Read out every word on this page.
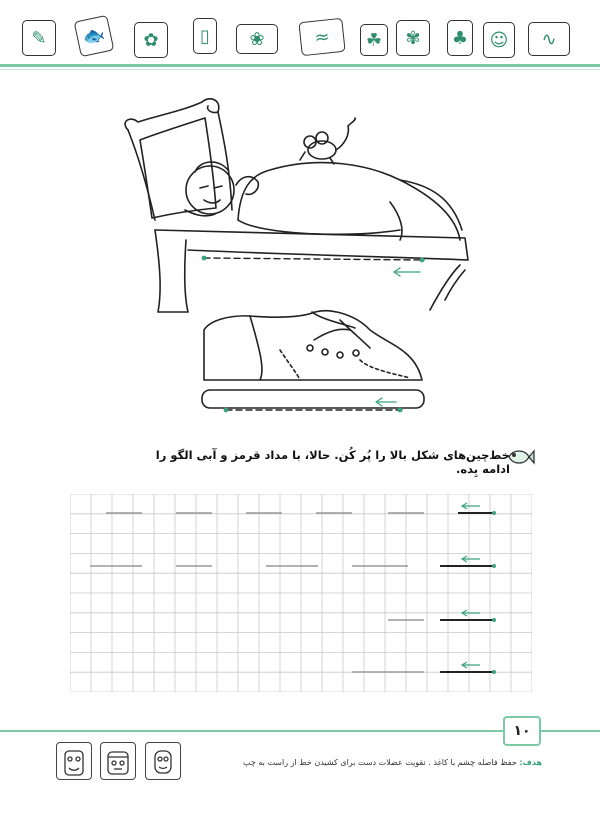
✎	🐟	✿	▯	❀	≈	☘	✾	♣	☺	∿
خط‌چین‌های شکل بالا را پُر کُن. حالا، با مداد قرمز و آبی الگو را ادامه بِده.
۱۰
هدف: حفظ فاصله چشم با کاغذ . تقویت عضلات دست برای کشیدن خط از راست به چپ
